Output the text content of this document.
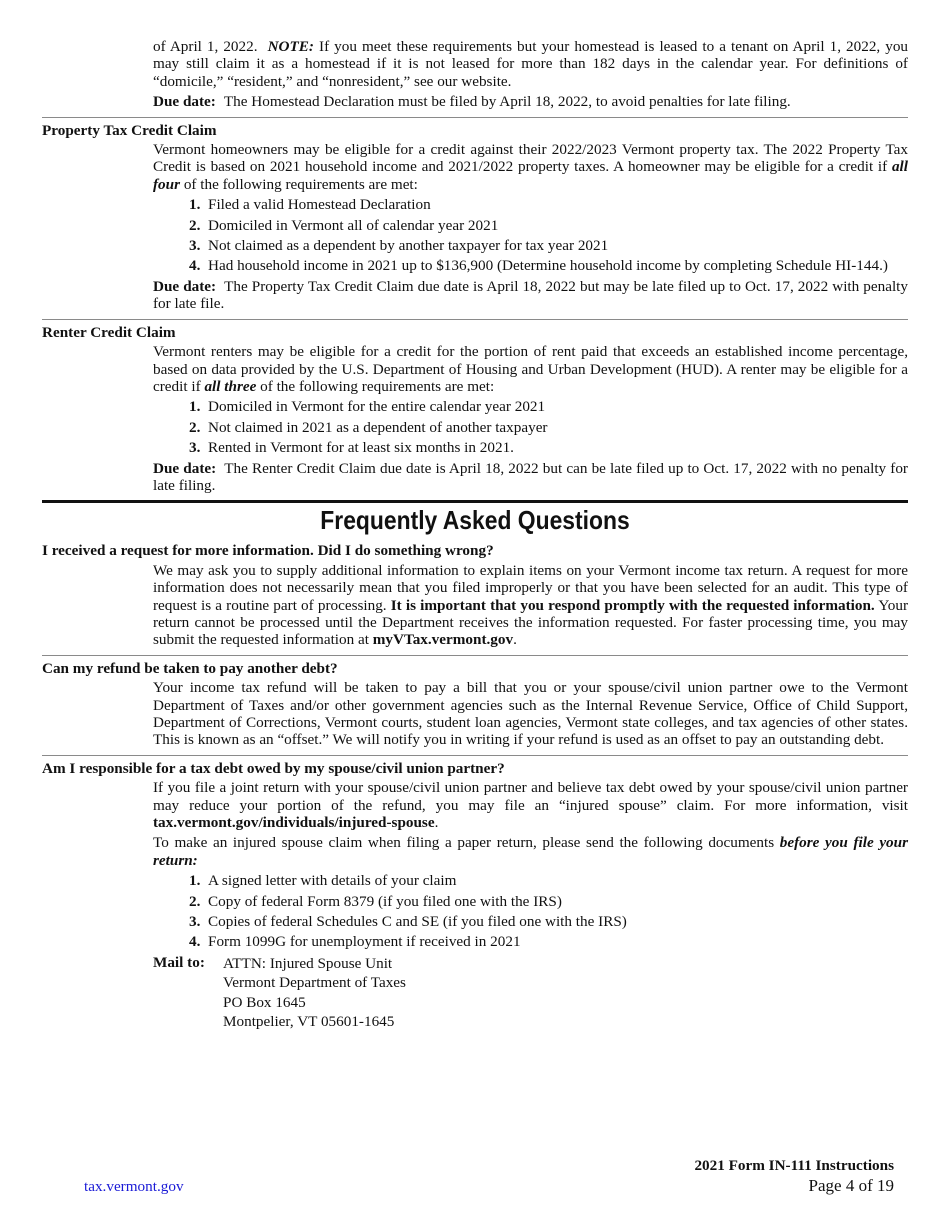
of April 1, 2022. NOTE: If you meet these requirements but your homestead is leased to a tenant on April 1, 2022, you may still claim it as a homestead if it is not leased for more than 182 days in the calendar year. For definitions of “domicile,” “resident,” and “nonresident,” see our website.

Due date: The Homestead Declaration must be filed by April 18, 2022, to avoid penalties for late filing.

Property Tax Credit Claim

Vermont homeowners may be eligible for a credit against their 2022/2023 Vermont property tax. The 2022 Property Tax Credit is based on 2021 household income and 2021/2022 property taxes. A homeowner may be eligible for a credit if all four of the following requirements are met:

1. Filed a valid Homestead Declaration
2. Domiciled in Vermont all of calendar year 2021
3. Not claimed as a dependent by another taxpayer for tax year 2021
4. Had household income in 2021 up to $136,900 (Determine household income by completing Schedule HI-144.)

Due date: The Property Tax Credit Claim due date is April 18, 2022 but may be late filed up to Oct. 17, 2022 with penalty for late file.

Renter Credit Claim

Vermont renters may be eligible for a credit for the portion of rent paid that exceeds an established income percentage, based on data provided by the U.S. Department of Housing and Urban Development (HUD). A renter may be eligible for a credit if all three of the following requirements are met:

1. Domiciled in Vermont for the entire calendar year 2021
2. Not claimed in 2021 as a dependent of another taxpayer
3. Rented in Vermont for at least six months in 2021.

Due date: The Renter Credit Claim due date is April 18, 2022 but can be late filed up to Oct. 17, 2022 with no penalty for late filing.

Frequently Asked Questions
I received a request for more information. Did I do something wrong?

We may ask you to supply additional information to explain items on your Vermont income tax return. A request for more information does not necessarily mean that you filed improperly or that you have been selected for an audit. This type of request is a routine part of processing. It is important that you respond promptly with the requested information. Your return cannot be processed until the Department receives the information requested. For faster processing time, you may submit the requested information at myVTax.vermont.gov.

Can my refund be taken to pay another debt?

Your income tax refund will be taken to pay a bill that you or your spouse/civil union partner owe to the Vermont Department of Taxes and/or other government agencies such as the Internal Revenue Service, Office of Child Support, Department of Corrections, Vermont courts, student loan agencies, Vermont state colleges, and tax agencies of other states. This is known as an “offset.” We will notify you in writing if your refund is used as an offset to pay an outstanding debt.

Am I responsible for a tax debt owed by my spouse/civil union partner?

If you file a joint return with your spouse/civil union partner and believe tax debt owed by your spouse/civil union partner may reduce your portion of the refund, you may file an “injured spouse” claim. For more information, visit tax.vermont.gov/individuals/injured-spouse.

To make an injured spouse claim when filing a paper return, please send the following documents before you file your return:

1. A signed letter with details of your claim
2. Copy of federal Form 8379 (if you filed one with the IRS)
3. Copies of federal Schedules C and SE (if you filed one with the IRS)
4. Form 1099G for unemployment if received in 2021
Mail to:	ATTN: Injured Spouse Unit
Vermont Department of Taxes
PO Box 1645
Montpelier, VT 05601-1645
2021 Form IN-111 Instructions
Page 4 of 19
tax.vermont.gov
